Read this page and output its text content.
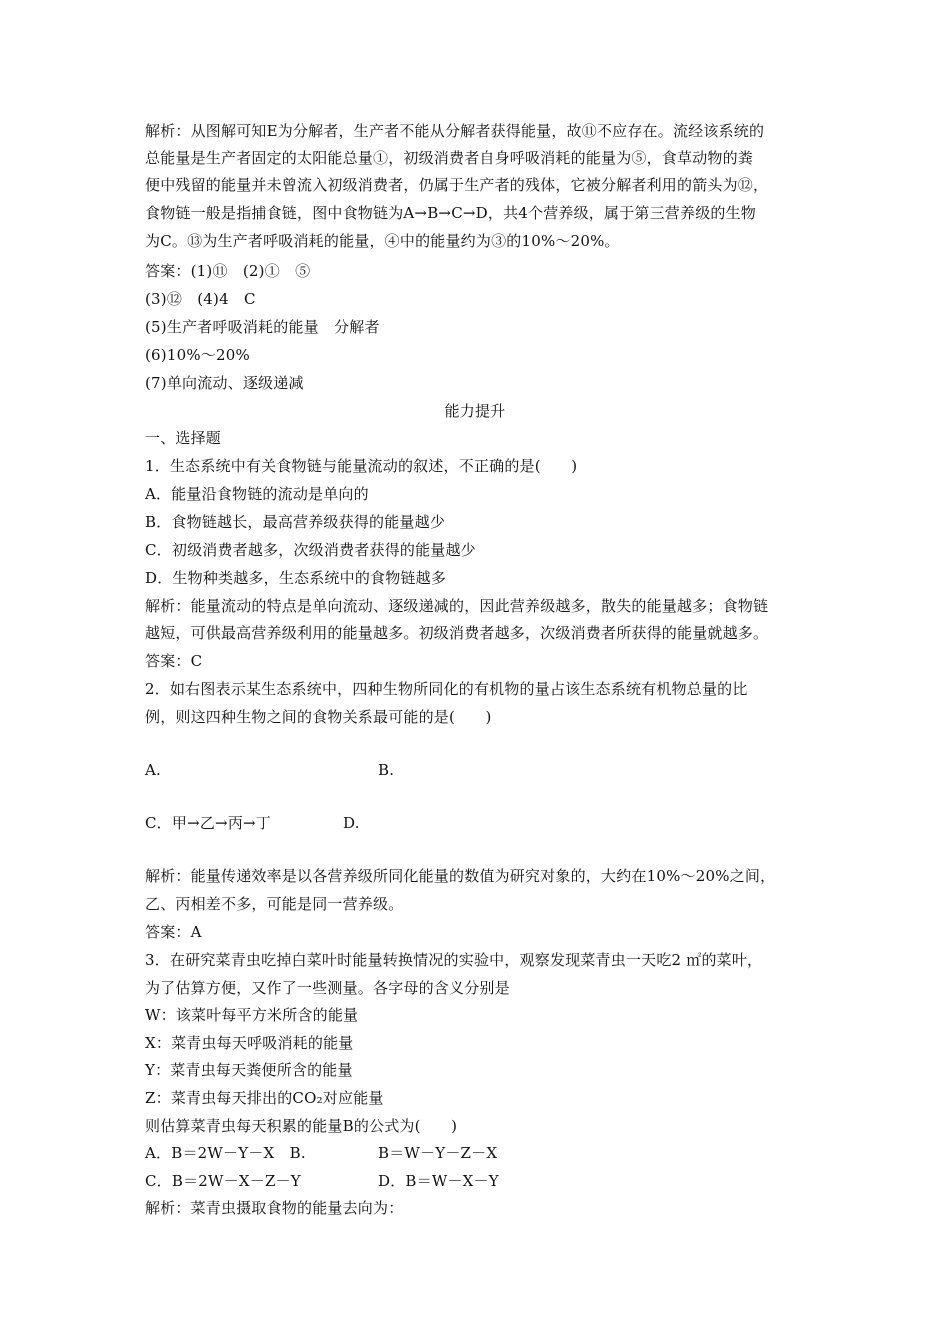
解析：从图解可知E为分解者，生产者不能从分解者获得能量，故⑪不应存在。流经该系统的
总能量是生产者固定的太阳能总量①，初级消费者自身呼吸消耗的能量为⑤，食草动物的粪
便中残留的能量并未曾流入初级消费者，仍属于生产者的残体，它被分解者利用的箭头为⑫，
食物链一般是指捕食链，图中食物链为A→B→C→D，共4个营养级，属于第三营养级的生物
为C。⑬为生产者呼吸消耗的能量，④中的能量约为③的10%～20%。
答案：(1)⑪　(2)①　⑤
(3)⑫　(4)4　C
(5)生产者呼吸消耗的能量　分解者
(6)10%～20%
(7)单向流动、逐级递减
能力提升
一、选择题
1．生态系统中有关食物链与能量流动的叙述，不正确的是(　　)
A．能量沿食物链的流动是单向的
B．食物链越长，最高营养级获得的能量越少
C．初级消费者越多，次级消费者获得的能量越少
D．生物种类越多，生态系统中的食物链越多
解析：能量流动的特点是单向流动、逐级递减的，因此营养级越多，散失的能量越多；食物链
越短，可供最高营养级利用的能量越多。初级消费者越多，次级消费者所获得的能量就越多。
答案：C
2．如右图表示某生态系统中，四种生物所同化的有机物的量占该生态系统有机物总量的比
例，则这四种生物之间的食物关系最可能的是(　　)
A.	B.
C．甲→乙→丙→丁	D.
解析：能量传递效率是以各营养级所同化能量的数值为研究对象的，大约在10%～20%之间，
乙、丙相差不多，可能是同一营养级。
答案：A
3．在研究菜青虫吃掉白菜叶时能量转换情况的实验中，观察发现菜青虫一天吃2 ㎡的菜叶，
为了估算方便，又作了一些测量。各字母的含义分别是
W：该菜叶每平方米所含的能量
X：菜青虫每天呼吸消耗的能量
Y：菜青虫每天粪便所含的能量
Z：菜青虫每天排出的CO₂对应能量
则估算菜青虫每天积累的能量B的公式为(　　)
A．B＝2W－Y－X　B.	B＝W－Y－Z－X
C．B＝2W－X－Z－Y	D．B＝W－X－Y
解析：菜青虫摄取食物的能量去向为：
